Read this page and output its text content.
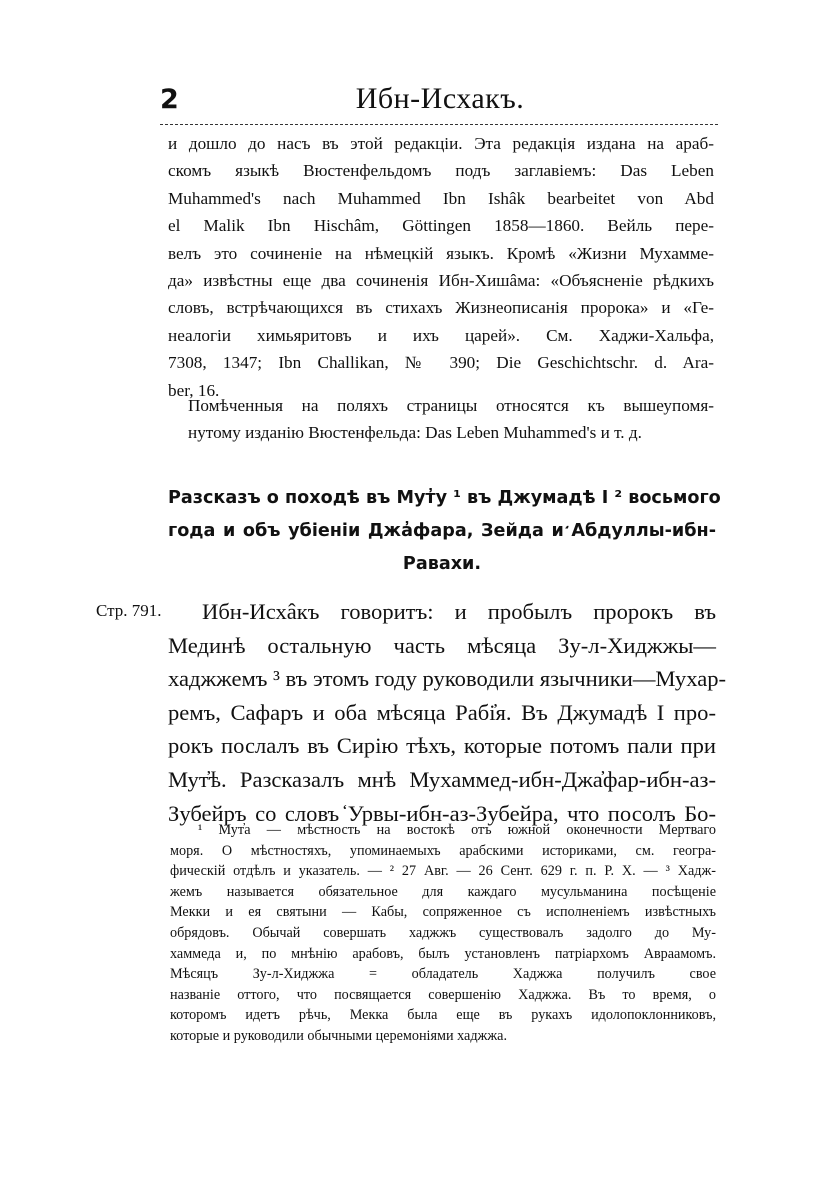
2	Ибн-Исхакъ.
и дошло до насъ въ этой редакціи. Эта редакція издана на араб-
скомъ языкѣ Вюстенфельдомъ подъ заглавіемъ: Das Leben
Muhammed's nach Muhammed Ibn Ishâk bearbeitet von Abd
el Malik Ibn Hischâm, Göttingen 1858—1860. Вейль пере-
велъ это сочиненіе на нѣмецкій языкъ. Кромѣ «Жизни Мухамме-
да» извѣстны еще два сочиненія Ибн-Хишâма: «Объясненіе рѣдкихъ
словъ, встрѣчающихся въ стихахъ Жизнеописанія пророка» и «Ге-
неалогіи химьяритовъ и ихъ царей». См. Хаджи-Хальфа,
7308, 1347; Ibn Challikan, № 390; Die Geschichtschr. d. Ara-
ber, 16.
Помѣченныя на поляхъ страницы относятся къ вышеупомя-
нутому изданію Вюстенфельда: Das Leben Muhammed's и т. д.
Разсказъ о походѣ въ Мут̓у ¹ въ Джумадѣ I ² восьмого
года и объ убіеніи Джа̓фара, Зейда и ̒Абдуллы-ибн-
Равахи.
Стр. 791.	Ибн-Исхâкъ говоритъ: и пробылъ пророкъ въ
Мединѣ остальную часть мѣсяца Зу-л-Хиджжы—
хаджжемъ ³ въ этомъ году руководили язычники—Мухар-
ремъ, Сафаръ и оба мѣсяца Рабі̓я. Въ Джумадѣ I про-
рокъ послалъ въ Сирію тѣхъ, которые потомъ пали при
Мут̓ѣ. Разсказалъ мнѣ Мухаммед-ибн-Джа̓фар-ибн-аз-
Зубейръ со словъ ̒Урвы-ибн-аз-Зубейра, что посолъ Бо-
¹ Мут̓а — мѣстность на востокѣ отъ южной оконечности Мертваго
моря. О мѣстностяхъ, упоминаемыхъ арабскими историками, см. геогра-
фическій отдѣлъ и указатель. — ² 27 Авг. — 26 Сент. 629 г. п. Р. Х. — ³ Хадж-
жемъ называется обязательное для каждаго мусульманина посѣщеніе
Мекки и ея святыни — Кабы, сопряженное съ исполненіемъ извѣстныхъ
обрядовъ. Обычай совершать хаджжъ существовалъ задолго до Му-
хаммеда и, по мнѣнію арабовъ, былъ установленъ патріархомъ Авраамомъ.
Мѣсяцъ Зу-л-Хиджжа = обладатель Хаджжа получилъ свое
названіе оттого, что посвящается совершенію Хаджжа. Въ то время, о
которомъ идетъ рѣчь, Мекка была еще въ рукахъ идолопоклонниковъ,
которые и руководили обычными церемоніями хаджжа.
